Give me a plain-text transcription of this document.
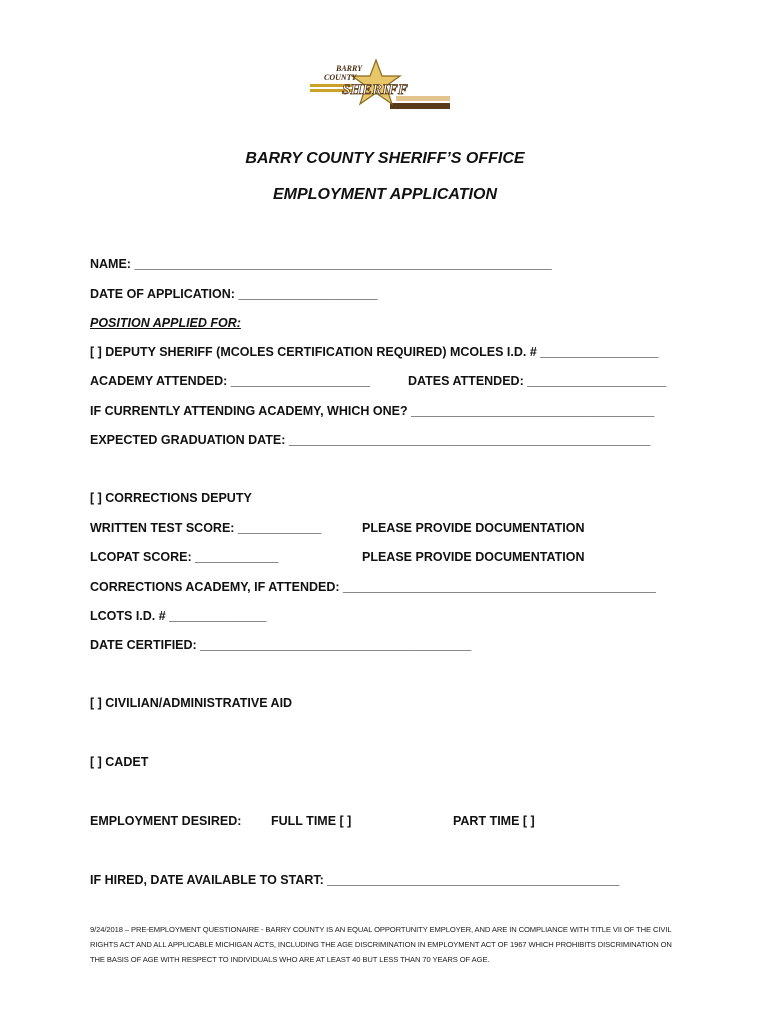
BARRY
COUNTY
SHERIFF
BARRY COUNTY SHERIFF’S OFFICE
EMPLOYMENT APPLICATION
NAME: ____________________________________________________________
DATE OF APPLICATION: ____________________
POSITION APPLIED FOR:
[ ] DEPUTY SHERIFF (MCOLES CERTIFICATION REQUIRED) MCOLES I.D. # _________________
ACADEMY ATTENDED: ____________________	DATES ATTENDED: ____________________
IF CURRENTLY ATTENDING ACADEMY, WHICH ONE? ___________________________________
EXPECTED GRADUATION DATE: ____________________________________________________
[ ] CORRECTIONS DEPUTY
WRITTEN TEST SCORE: ____________	PLEASE PROVIDE DOCUMENTATION
LCOPAT SCORE: ____________	PLEASE PROVIDE DOCUMENTATION
CORRECTIONS ACADEMY, IF ATTENDED: _____________________________________________
LCOTS I.D. # ______________
DATE CERTIFIED: _______________________________________
[ ] CIVILIAN/ADMINISTRATIVE AID
[ ] CADET
EMPLOYMENT DESIRED: FULL TIME [ ]	PART TIME [ ]
IF HIRED, DATE AVAILABLE TO START: __________________________________________
9/24/2018 – PRE-EMPLOYMENT QUESTIONAIRE - BARRY COUNTY IS AN EQUAL OPPORTUNITY EMPLOYER, AND ARE IN COMPLIANCE WITH TITLE VII OF THE CIVIL RIGHTS ACT AND ALL APPLICABLE MICHIGAN ACTS, INCLUDING THE AGE DISCRIMINATION IN EMPLOYMENT ACT OF 1967 WHICH PROHIBITS DISCRIMINATION ON THE BASIS OF AGE WITH RESPECT TO INDIVIDUALS WHO ARE AT LEAST 40 BUT LESS THAN 70 YEARS OF AGE.
